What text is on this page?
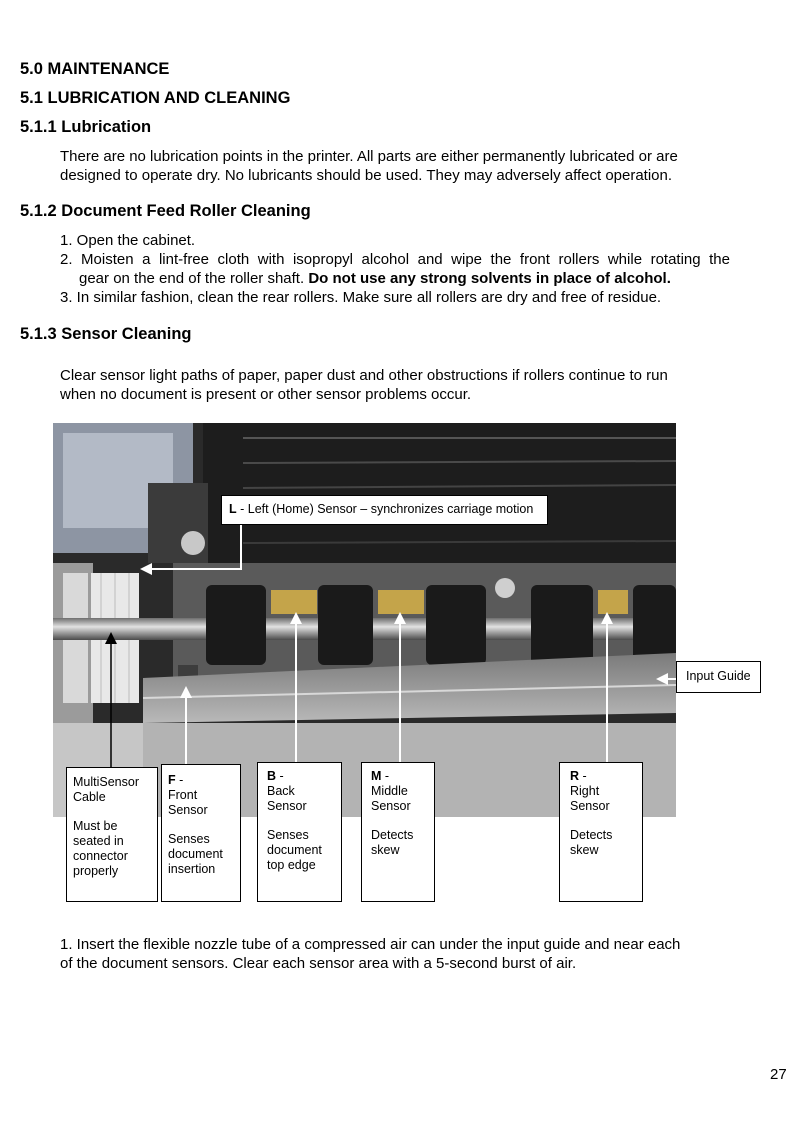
5.0 MAINTENANCE
5.1 LUBRICATION AND CLEANING
5.1.1 Lubrication
There are no lubrication points in the printer. All parts are either permanently lubricated or are
designed to operate dry. No lubricants should be used. They may adversely affect operation.
5.1.2 Document Feed Roller Cleaning
1. Open the cabinet.
2. Moisten a lint-free cloth with isopropyl alcohol and wipe the front rollers while rotating the
gear on the end of the roller shaft. Do not use any strong solvents in place of alcohol.
3. In similar fashion, clean the rear rollers. Make sure all rollers are dry and free of residue.
5.1.3 Sensor Cleaning
Clear sensor light paths of paper, paper dust and other obstructions if rollers continue to run
when no document is present or other sensor problems occur.
L - Left (Home) Sensor – synchronizes carriage motion
Input Guide
MultiSensor
Cable
Must be
seated in
connector
properly
F -
Front
Sensor
Senses
document
insertion
B -
Back
Sensor
Senses
document
top edge
M -
Middle
Sensor
Detects
skew
R -
Right
Sensor
Detects
skew
1. Insert the flexible nozzle tube of a compressed air can under the input guide and near each
of the document sensors. Clear each sensor area with a 5-second burst of air.
27
